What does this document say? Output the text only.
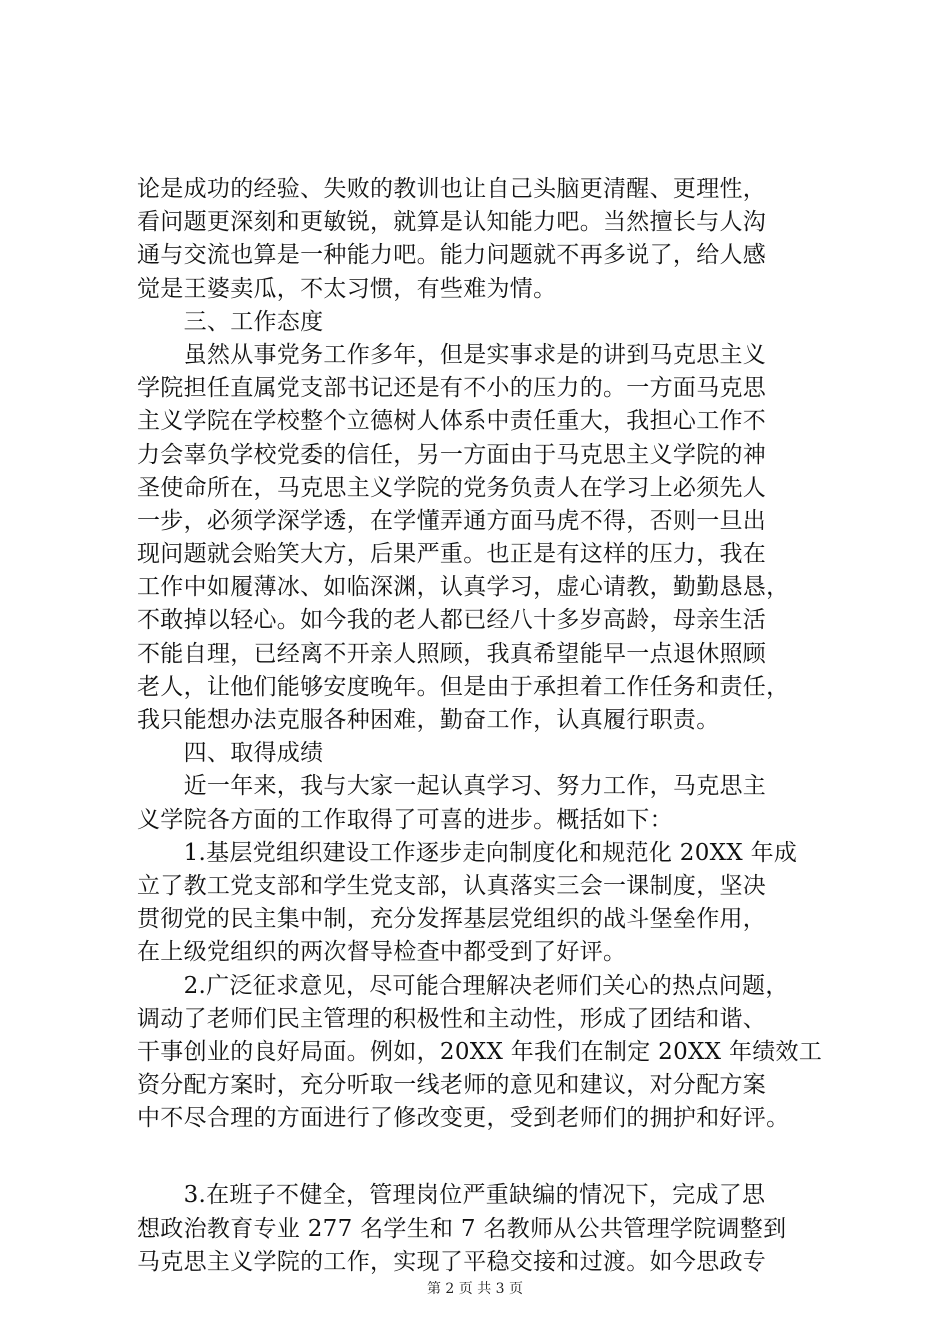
论是成功的经验、失败的教训也让自己头脑更清醒、更理性，
看问题更深刻和更敏锐，就算是认知能力吧。当然擅长与人沟
通与交流也算是一种能力吧。能力问题就不再多说了，给人感
觉是王婆卖瓜，不太习惯，有些难为情。
　　三、工作态度
　　虽然从事党务工作多年，但是实事求是的讲到马克思主义
学院担任直属党支部书记还是有不小的压力的。一方面马克思
主义学院在学校整个立德树人体系中责任重大，我担心工作不
力会辜负学校党委的信任，另一方面由于马克思主义学院的神
圣使命所在，马克思主义学院的党务负责人在学习上必须先人
一步，必须学深学透，在学懂弄通方面马虎不得，否则一旦出
现问题就会贻笑大方，后果严重。也正是有这样的压力，我在
工作中如履薄冰、如临深渊，认真学习，虚心请教，勤勤恳恳，
不敢掉以轻心。如今我的老人都已经八十多岁高龄，母亲生活
不能自理，已经离不开亲人照顾，我真希望能早一点退休照顾
老人，让他们能够安度晚年。但是由于承担着工作任务和责任，
我只能想办法克服各种困难，勤奋工作，认真履行职责。
　　四、取得成绩
　　近一年来，我与大家一起认真学习、努力工作，马克思主
义学院各方面的工作取得了可喜的进步。概括如下：
　　1.基层党组织建设工作逐步走向制度化和规范化 20XX 年成
立了教工党支部和学生党支部，认真落实三会一课制度，坚决
贯彻党的民主集中制，充分发挥基层党组织的战斗堡垒作用，
在上级党组织的两次督导检查中都受到了好评。
　　2.广泛征求意见，尽可能合理解决老师们关心的热点问题，
调动了老师们民主管理的积极性和主动性，形成了团结和谐、
干事创业的良好局面。例如，20XX 年我们在制定 20XX 年绩效工
资分配方案时，充分听取一线老师的意见和建议，对分配方案
中不尽合理的方面进行了修改变更，受到老师们的拥护和好评。
　　3.在班子不健全，管理岗位严重缺编的情况下，完成了思
想政治教育专业 277 名学生和 7 名教师从公共管理学院调整到
马克思主义学院的工作，实现了平稳交接和过渡。如今思政专
第 2 页 共 3 页
